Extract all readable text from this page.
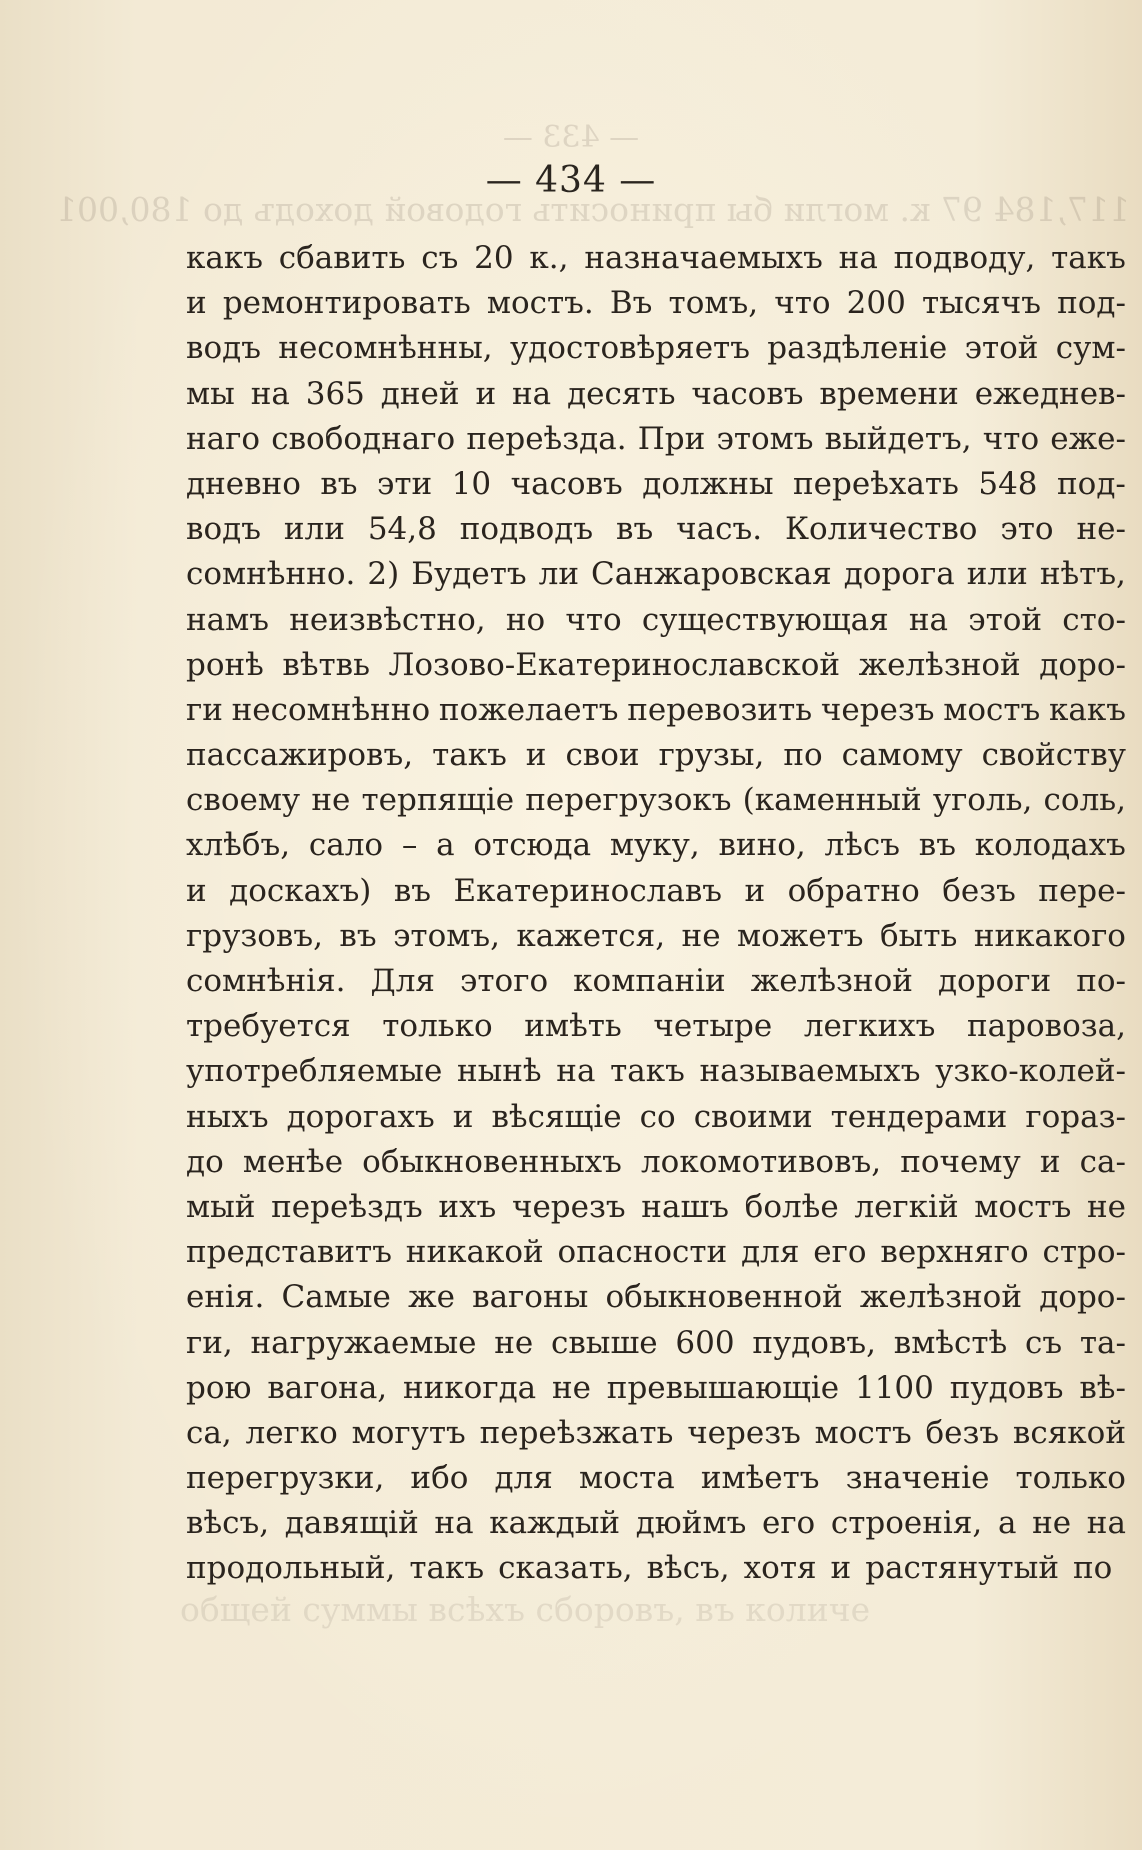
— 433 —
117,184 97 к. могли бы приносить годовой доходъ до 180,001
— 434 —
какъ сбавить съ 20 к., назначаемыхъ на подводу, такъ
и ремонтировать мостъ. Въ томъ, что 200 тысячъ под-
водъ несомнѣнны, удостовѣряетъ раздѣленіе этой сум-
мы на 365 дней и на десять часовъ времени ежеднев-
наго свободнаго переѣзда. При этомъ выйдетъ, что еже-
дневно въ эти 10 часовъ должны переѣхать 548 под-
водъ или 54,8 подводъ въ часъ. Количество это не-
сомнѣнно. 2) Будетъ ли Санжаровская дорога или нѣтъ,
намъ неизвѣстно, но что существующая на этой сто-
ронѣ вѣтвь Лозово-Екатеринославской желѣзной доро-
ги несомнѣнно пожелаетъ перевозить черезъ мостъ какъ
пассажировъ, такъ и свои грузы, по самому свойству
своему не терпящіе перегрузокъ (каменный уголь, соль,
хлѣбъ, сало – а отсюда муку, вино, лѣсъ въ колодахъ
и доскахъ) въ Екатеринославъ и обратно безъ пере-
грузовъ, въ этомъ, кажется, не можетъ быть никакого
сомнѣнія. Для этого компаніи желѣзной дороги по-
требуется только имѣть четыре легкихъ паровоза,
употребляемые нынѣ на такъ называемыхъ узко-колей-
ныхъ дорогахъ и вѣсящіе со своими тендерами гораз-
до менѣе обыкновенныхъ локомотивовъ, почему и са-
мый переѣздъ ихъ черезъ нашъ болѣе легкій мостъ не
представитъ никакой опасности для его верхняго стро-
енія. Самые же вагоны обыкновенной желѣзной доро-
ги, нагружаемые не свыше 600 пудовъ, вмѣстѣ съ та-
рою вагона, никогда не превышающіе 1100 пудовъ вѣ-
са, легко могутъ переѣзжать черезъ мостъ безъ всякой
перегрузки, ибо для моста имѣетъ значеніе только
вѣсъ, давящій на каждый дюймъ его строенія, а не на
продольный, такъ сказать, вѣсъ, хотя и растянутый по
общей суммы всѣхъ сборовъ, въ количе
